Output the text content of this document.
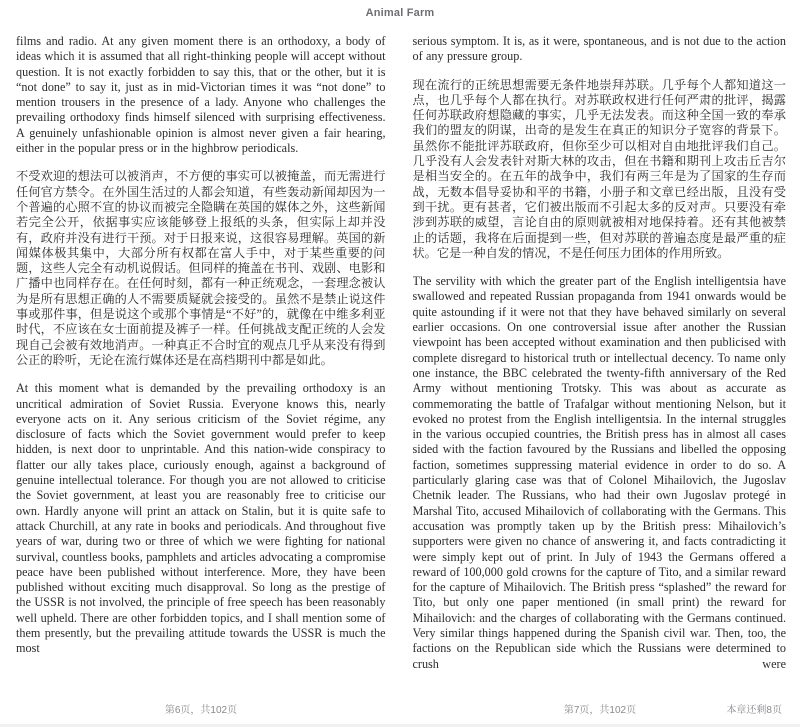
Animal Farm

films and radio. At any given moment there is an orthodoxy, a body of ideas which it is assumed that all right-thinking people will accept without question. It is not exactly forbidden to say this, that or the other, but it is “not done” to say it, just as in mid-Victorian times it was “not done” to mention trousers in the presence of a lady. Anyone who challenges the prevailing orthodoxy finds himself silenced with surprising effectiveness. A genuinely unfashionable opinion is almost never given a fair hearing, either in the popular press or in the highbrow periodicals.

不受欢迎的想法可以被消声，不方便的事实可以被掩盖，而无需进行任何官方禁令。在外国生活过的人都会知道，有些轰动新闻却因为一个普遍的心照不宣的协议而被完全隐瞒在英国的媒体之外，这些新闻若完全公开，依据事实应该能够登上报纸的头条，但实际上却并没有，政府并没有进行干预。对于日报来说，这很容易理解。英国的新闻媒体极其集中，大部分所有权都在富人手中，对于某些重要的问题，这些人完全有动机说假话。但同样的掩盖在书刊、戏剧、电影和广播中也同样存在。在任何时刻，都有一种正统观念，一套理念被认为是所有思想正确的人不需要质疑就会接受的。虽然不是禁止说这件事或那件事，但是说这个或那个事情是“不好”的，就像在中维多利亚时代，不应该在女士面前提及裤子一样。任何挑战支配正统的人会发现自己会被有效地消声。一种真正不合时宜的观点几乎从来没有得到公正的聆听，无论在流行媒体还是在高档期刊中都是如此。

At this moment what is demanded by the prevailing orthodoxy is an uncritical admiration of Soviet Russia. Everyone knows this, nearly everyone acts on it. Any serious criticism of the Soviet régime, any disclosure of facts which the Soviet government would prefer to keep hidden, is next door to unprintable. And this nation-wide conspiracy to flatter our ally takes place, curiously enough, against a background of genuine intellectual tolerance. For though you are not allowed to criticise the Soviet government, at least you are reasonably free to criticise our own. Hardly anyone will print an attack on Stalin, but it is quite safe to attack Churchill, at any rate in books and periodicals. And throughout five years of war, during two or three of which we were fighting for national survival, countless books, pamphlets and articles advocating a compromise peace have been published without interference. More, they have been published without exciting much disapproval. So long as the prestige of the USSR is not involved, the principle of free speech has been reasonably well upheld. There are other forbidden topics, and I shall mention some of them presently, but the prevailing attitude towards the USSR is much the most

serious symptom. It is, as it were, spontaneous, and is not due to the action of any pressure group.

现在流行的正统思想需要无条件地崇拜苏联。几乎每个人都知道这一点，也几乎每个人都在执行。对苏联政权进行任何严肃的批评，揭露任何苏联政府想隐藏的事实，几乎无法发表。而这种全国一致的奉承我们的盟友的阴谋，出奇的是发生在真正的知识分子宽容的背景下。虽然你不能批评苏联政府，但你至少可以相对自由地批评我们自己。几乎没有人会发表针对斯大林的攻击，但在书籍和期刊上攻击丘吉尔是相当安全的。在五年的战争中，我们有两三年是为了国家的生存而战，无数本倡导妥协和平的书籍，小册子和文章已经出版，且没有受到干扰。更有甚者，它们被出版而不引起太多的反对声。只要没有牵涉到苏联的威望，言论自由的原则就被相对地保持着。还有其他被禁止的话题，我将在后面提到一些，但对苏联的普遍态度是最严重的症状。它是一种自发的情况，不是任何压力团体的作用所致。

The servility with which the greater part of the English intelligentsia have swallowed and repeated Russian propaganda from 1941 onwards would be quite astounding if it were not that they have behaved similarly on several earlier occasions. On one controversial issue after another the Russian viewpoint has been accepted without examination and then publicised with complete disregard to historical truth or intellectual decency. To name only one instance, the BBC celebrated the twenty-fifth anniversary of the Red Army without mentioning Trotsky. This was about as accurate as commemorating the battle of Trafalgar without mentioning Nelson, but it evoked no protest from the English intelligentsia. In the internal struggles in the various occupied countries, the British press has in almost all cases sided with the faction favoured by the Russians and libelled the opposing faction, sometimes suppressing material evidence in order to do so. A particularly glaring case was that of Colonel Mihailovich, the Jugoslav Chetnik leader. The Russians, who had their own Jugoslav protegé in Marshal Tito, accused Mihailovich of collaborating with the Germans. This accusation was promptly taken up by the British press: Mihailovich’s supporters were given no chance of answering it, and facts contradicting it were simply kept out of print. In July of 1943 the Germans offered a reward of 100,000 gold crowns for the capture of Tito, and a similar reward for the capture of Mihailovich. The British press “splashed” the reward for Tito, but only one paper mentioned (in small print) the reward for Mihailovich: and the charges of collaborating with the Germans continued. Very similar things happened during the Spanish civil war. Then, too, the factions on the Republican side which the Russians were determined to crush were

第6页，共102页	第7页，共102页	本章还剩8页
